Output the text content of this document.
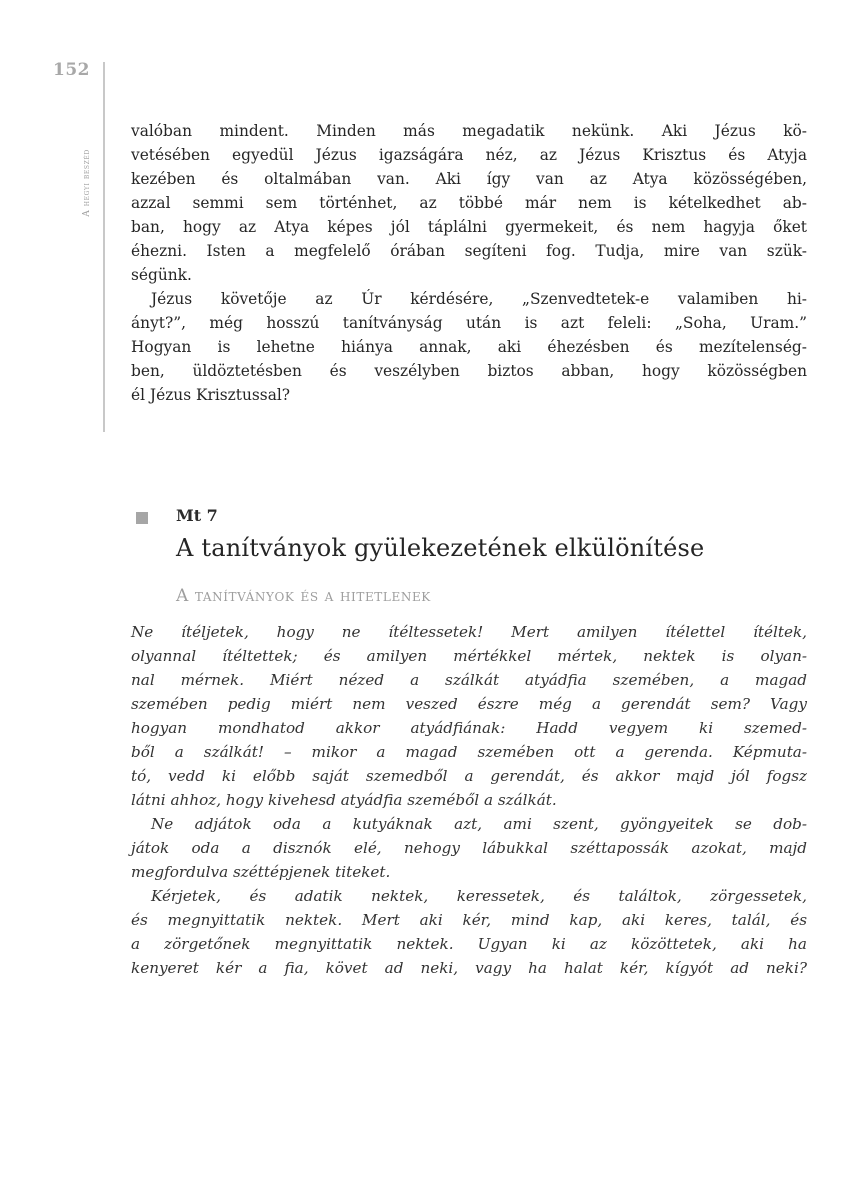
152
A hegyi beszéd
valóban mindent. Minden más megadatik nekünk. Aki Jézus kö-
vetésében egyedül Jézus igazságára néz, az Jézus Krisztus és Atyja
kezében és oltalmában van. Aki így van az Atya közösségében,
azzal semmi sem történhet, az többé már nem is kételkedhet ab-
ban, hogy az Atya képes jól táplálni gyermekeit, és nem hagyja őket
éhezni. Isten a megfelelő órában segíteni fog. Tudja, mire van szük-
ségünk.
Jézus követője az Úr kérdésére, „Szenvedtetek-e valamiben hi-
ányt?”, még hosszú tanítványság után is azt feleli: „Soha, Uram.”
Hogyan is lehetne hiánya annak, aki éhezésben és mezítelenség-
ben, üldöztetésben és veszélyben biztos abban, hogy közösségben
él Jézus Krisztussal?
Mt 7
A tanítványok gyülekezetének elkülönítése
A tanítványok és a hitetlenek
Ne ítéljetek, hogy ne ítéltessetek! Mert amilyen ítélettel ítéltek,
olyannal ítéltettek; és amilyen mértékkel mértek, nektek is olyan-
nal mérnek. Miért nézed a szálkát atyádfia szemében, a magad
szemében pedig miért nem veszed észre még a gerendát sem? Vagy
hogyan mondhatod akkor atyádfiának: Hadd vegyem ki szemed-
ből a szálkát! – mikor a magad szemében ott a gerenda. Képmuta-
tó, vedd ki előbb saját szemedből a gerendát, és akkor majd jól fogsz
látni ahhoz, hogy kivehesd atyádfia szeméből a szálkát.
Ne adjátok oda a kutyáknak azt, ami szent, gyöngyeitek se dob-
játok oda a disznók elé, nehogy lábukkal széttapossák azokat, majd
megfordulva széttépjenek titeket.
Kérjetek, és adatik nektek, keressetek, és találtok, zörgessetek,
és megnyittatik nektek. Mert aki kér, mind kap, aki keres, talál, és
a zörgetőnek megnyittatik nektek. Ugyan ki az közöttetek, aki ha
kenyeret kér a fia, követ ad neki, vagy ha halat kér, kígyót ad neki?
